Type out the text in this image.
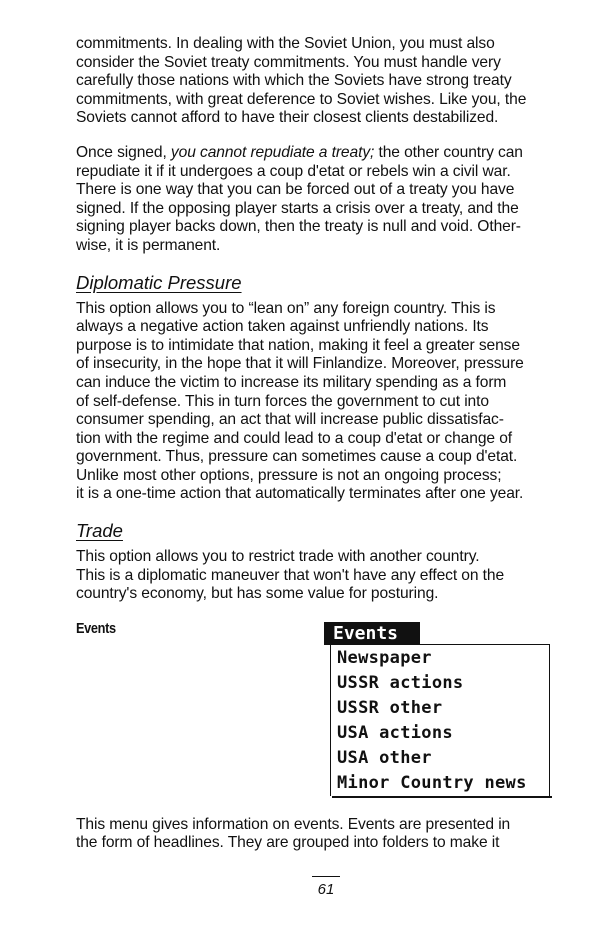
commitments. In dealing with the Soviet Union, you must also
consider the Soviet treaty commitments. You must handle very
carefully those nations with which the Soviets have strong treaty
commitments, with great deference to Soviet wishes. Like you, the
Soviets cannot afford to have their closest clients destabilized.

Once signed, you cannot repudiate a treaty; the other country can
repudiate it if it undergoes a coup d'etat or rebels win a civil war.
There is one way that you can be forced out of a treaty you have
signed. If the opposing player starts a crisis over a treaty, and the
signing player backs down, then the treaty is null and void. Other-
wise, it is permanent.

Diplomatic Pressure

This option allows you to “lean on” any foreign country. This is
always a negative action taken against unfriendly nations. Its
purpose is to intimidate that nation, making it feel a greater sense
of insecurity, in the hope that it will Finlandize. Moreover, pressure
can induce the victim to increase its military spending as a form
of self-defense. This in turn forces the government to cut into
consumer spending, an act that will increase public dissatisfac-
tion with the regime and could lead to a coup d'etat or change of
government. Thus, pressure can sometimes cause a coup d'etat.
Unlike most other options, pressure is not an ongoing process;
it is a one-time action that automatically terminates after one year.

Trade

This option allows you to restrict trade with another country.
This is a diplomatic maneuver that won't have any effect on the
country's economy, but has some value for posturing.

Events	Events
Newspaper
USSR actions
USSR other
USA actions
USA other
Minor Country news

This menu gives information on events. Events are presented in
the form of headlines. They are grouped into folders to make it

61
